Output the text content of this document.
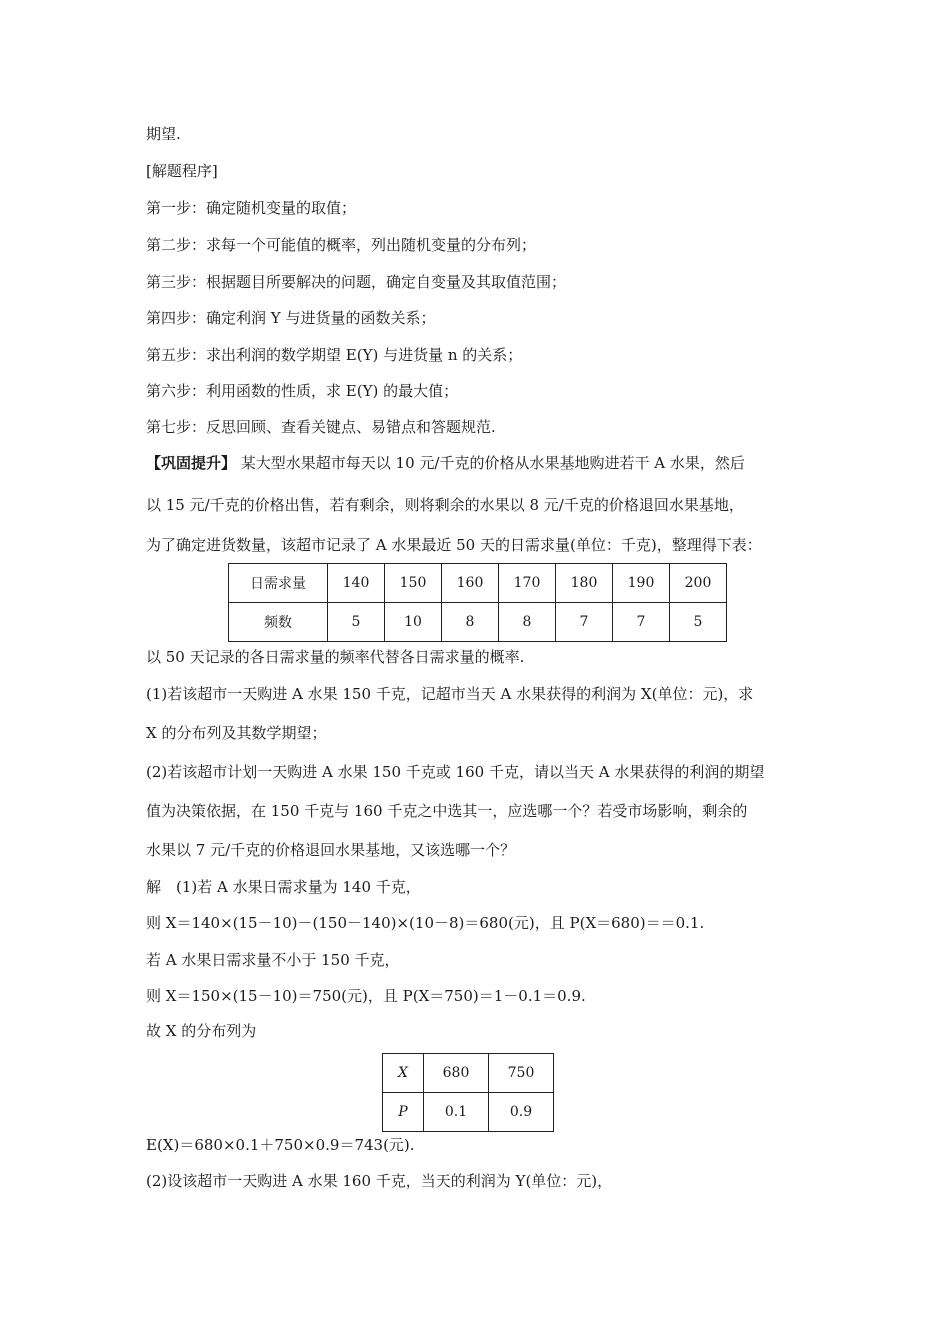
期望.
[解题程序]
第一步：确定随机变量的取值；
第二步：求每一个可能值的概率，列出随机变量的分布列；
第三步：根据题目所要解决的问题，确定自变量及其取值范围；
第四步：确定利润 Y 与进货量的函数关系；
第五步：求出利润的数学期望 E(Y) 与进货量 n 的关系；
第六步：利用函数的性质，求 E(Y) 的最大值；
第七步：反思回顾、查看关键点、易错点和答题规范.
【巩固提升】 某大型水果超市每天以 10 元/千克的价格从水果基地购进若干 A 水果，然后
以 15 元/千克的价格出售，若有剩余，则将剩余的水果以 8 元/千克的价格退回水果基地，
为了确定进货数量，该超市记录了 A 水果最近 50 天的日需求量(单位：千克)，整理得下表：
日需求量	140	150	160	170	180	190	200
频数	5	10	8	8	7	7	5
以 50 天记录的各日需求量的频率代替各日需求量的概率.
(1)若该超市一天购进 A 水果 150 千克，记超市当天 A 水果获得的利润为 X(单位：元)，求
X 的分布列及其数学期望；
(2)若该超市计划一天购进 A 水果 150 千克或 160 千克，请以当天 A 水果获得的利润的期望
值为决策依据，在 150 千克与 160 千克之中选其一，应选哪一个？若受市场影响，剩余的
水果以 7 元/千克的价格退回水果基地，又该选哪一个？
解　(1)若 A 水果日需求量为 140 千克，
则 X＝140×(15－10)－(150－140)×(10－8)＝680(元)，且 P(X＝680)＝＝0.1.
若 A 水果日需求量不小于 150 千克，
则 X＝150×(15－10)＝750(元)，且 P(X＝750)＝1－0.1＝0.9.
故 X 的分布列为
X	680	750
P	0.1	0.9
E(X)＝680×0.1＋750×0.9＝743(元).
(2)设该超市一天购进 A 水果 160 千克，当天的利润为 Y(单位：元)，
